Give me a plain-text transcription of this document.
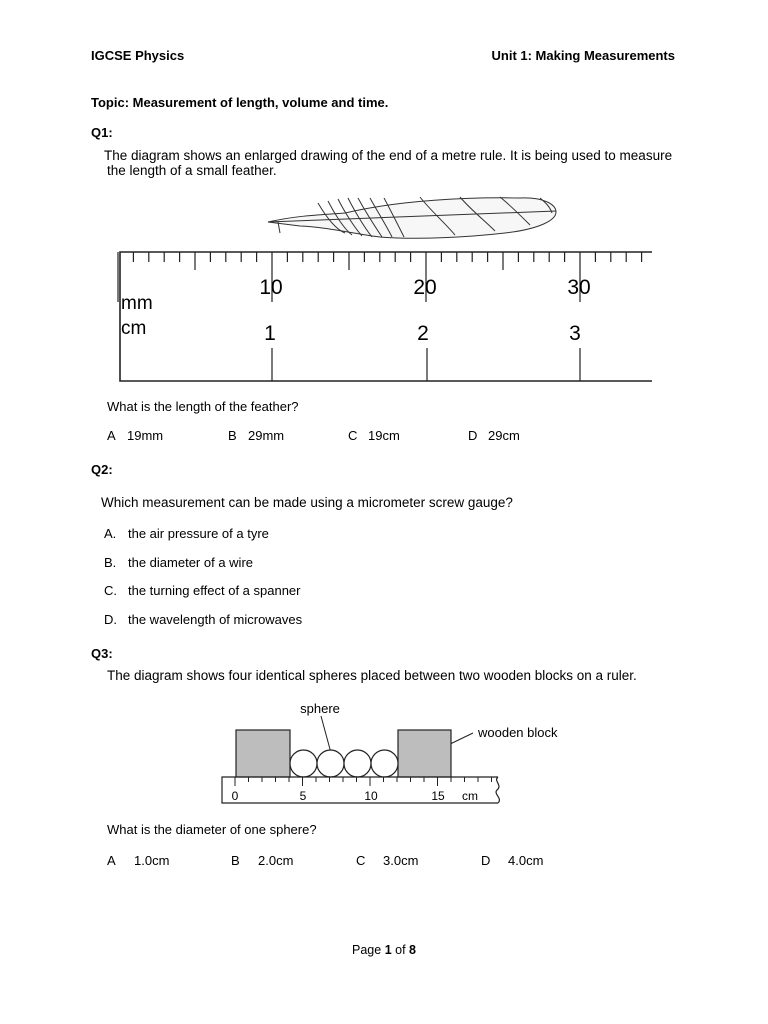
IGCSE Physics	Unit 1: Making Measurements
Topic: Measurement of length, volume and time.
Q1:
The diagram shows an enlarged drawing of the end of a metre rule. It is being used to measure
the length of a small feather.
mm
cm
10	20	30
1	2	3
What is the length of the feather?
A 19mm	B 29mm	C 19cm	D 29cm
Q2:
Which measurement can be made using a micrometer screw gauge?
A. the air pressure of a tyre
B. the diameter of a wire
C. the turning effect of a spanner
D. the wavelength of microwaves
Q3:
The diagram shows four identical spheres placed between two wooden blocks on a ruler.
sphere
wooden block
0	5	10	15 cm
What is the diameter of one sphere?
A 1.0cm	B 2.0cm	C 3.0cm	D 4.0cm
Page 1 of 8
